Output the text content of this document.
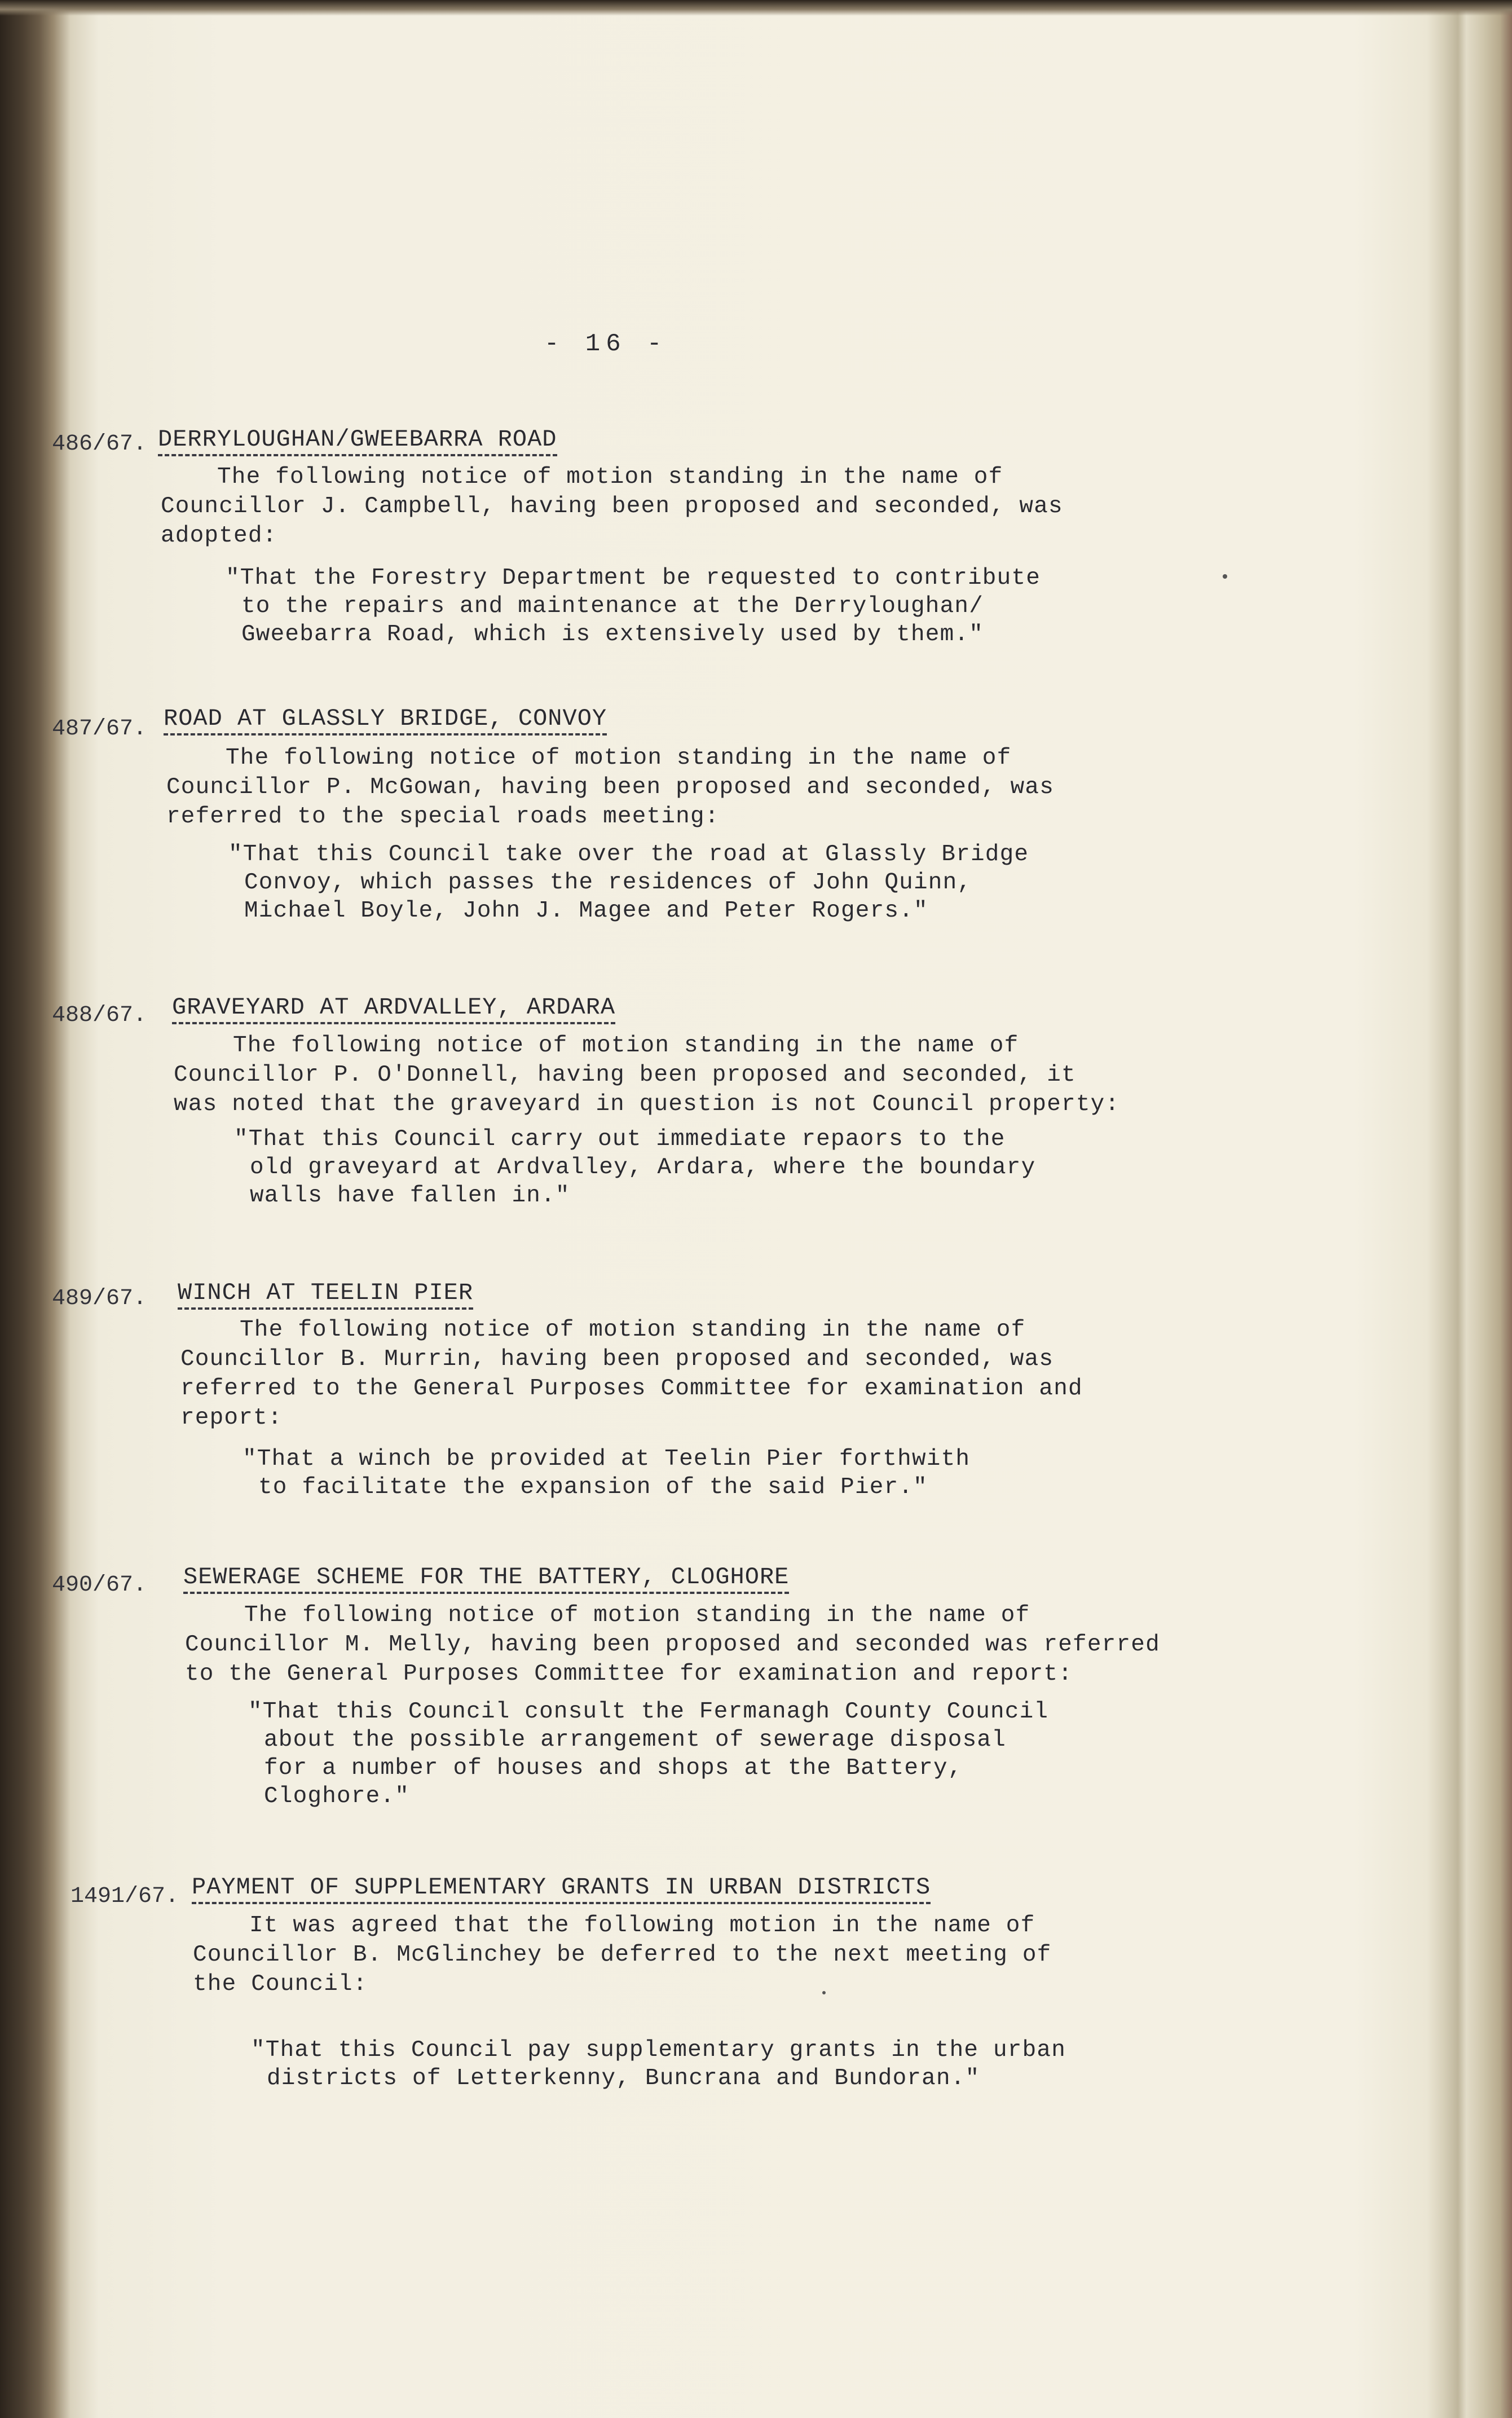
- 16 -
486/67. DERRYLOUGHAN/GWEEBARRA ROAD
The following notice of motion standing in the name of
Councillor J. Campbell, having been proposed and seconded, was
adopted:
"That the Forestry Department be requested to contribute
to the repairs and maintenance at the Derryloughan/
Gweebarra Road, which is extensively used by them."
487/67. ROAD AT GLASSLY BRIDGE, CONVOY
The following notice of motion standing in the name of
Councillor P. McGowan, having been proposed and seconded, was
referred to the special roads meeting:
"That this Council take over the road at Glassly Bridge
Convoy, which passes the residences of John Quinn,
Michael Boyle, John J. Magee and Peter Rogers."
488/67. GRAVEYARD AT ARDVALLEY, ARDARA
The following notice of motion standing in the name of
Councillor P. O'Donnell, having been proposed and seconded, it
was noted that the graveyard in question is not Council property:
"That this Council carry out immediate repaors to the
old graveyard at Ardvalley, Ardara, where the boundary
walls have fallen in."
489/67. WINCH AT TEELIN PIER
The following notice of motion standing in the name of
Councillor B. Murrin, having been proposed and seconded, was
referred to the General Purposes Committee for examination and
report:
"That a winch be provided at Teelin Pier forthwith
to facilitate the expansion of the said Pier."
490/67. SEWERAGE SCHEME FOR THE BATTERY, CLOGHORE
The following notice of motion standing in the name of
Councillor M. Melly, having been proposed and seconded was referred
to the General Purposes Committee for examination and report:
"That this Council consult the Fermanagh County Council
about the possible arrangement of sewerage disposal
for a number of houses and shops at the Battery,
Cloghore."
1491/67. PAYMENT OF SUPPLEMENTARY GRANTS IN URBAN DISTRICTS
It was agreed that the following motion in the name of
Councillor B. McGlinchey be deferred to the next meeting of
the Council:
"That this Council pay supplementary grants in the urban
districts of Letterkenny, Buncrana and Bundoran."
